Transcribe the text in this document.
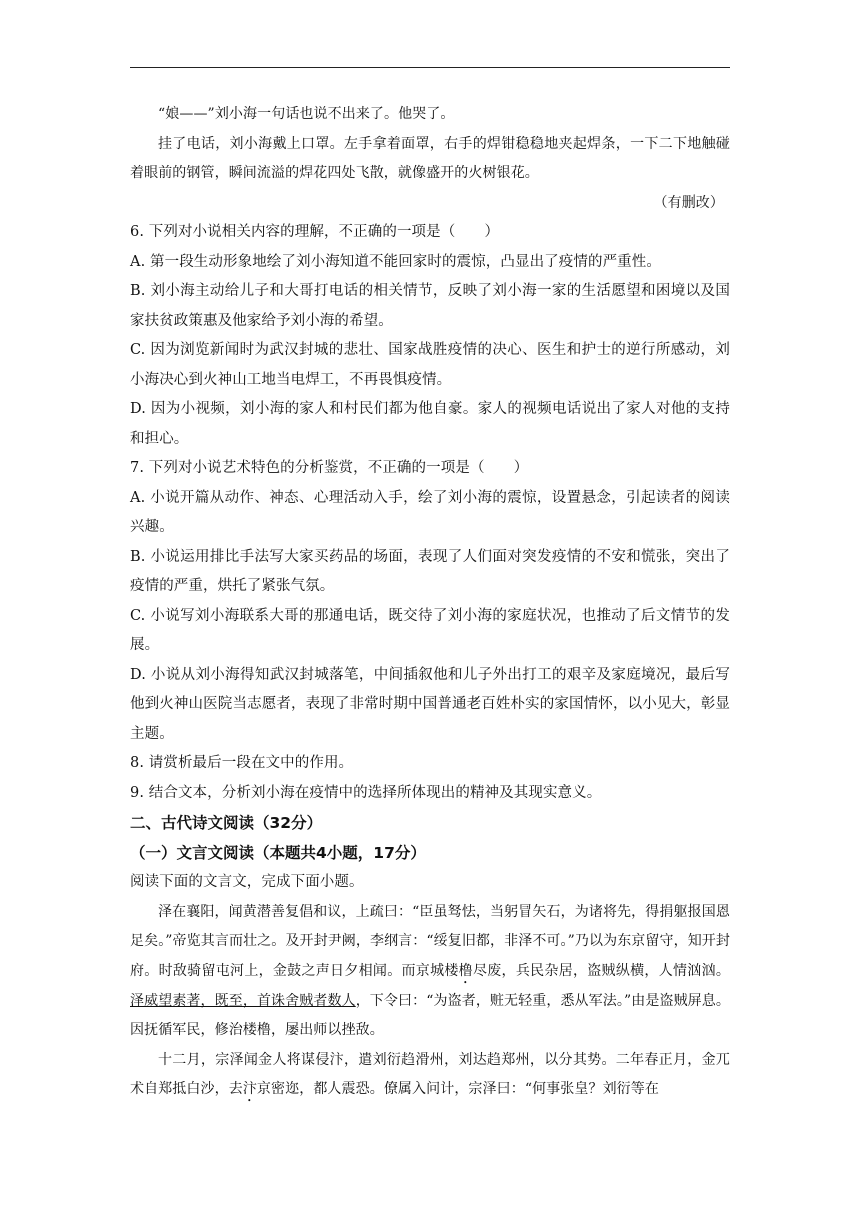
“娘——”刘小海一句话也说不出来了。他哭了。

挂了电话，刘小海戴上口罩。左手拿着面罩，右手的焊钳稳稳地夹起焊条，一下二下地触碰着眼前的钢管，瞬间流溢的焊花四处飞散，就像盛开的火树银花。

（有删改）

6. 下列对小说相关内容的理解，不正确的一项是（　　）

A. 第一段生动形象地绘了刘小海知道不能回家时的震惊，凸显出了疫情的严重性。

B. 刘小海主动给儿子和大哥打电话的相关情节，反映了刘小海一家的生活愿望和困境以及国家扶贫政策惠及他家给予刘小海的希望。

C. 因为浏览新闻时为武汉封城的悲壮、国家战胜疫情的决心、医生和护士的逆行所感动，刘小海决心到火神山工地当电焊工，不再畏惧疫情。

D. 因为小视频，刘小海的家人和村民们都为他自豪。家人的视频电话说出了家人对他的支持和担心。

7. 下列对小说艺术特色的分析鉴赏，不正确的一项是（　　）

A. 小说开篇从动作、神态、心理活动入手，绘了刘小海的震惊，设置悬念，引起读者的阅读兴趣。

B. 小说运用排比手法写大家买药品的场面，表现了人们面对突发疫情的不安和慌张，突出了疫情的严重，烘托了紧张气氛。

C. 小说写刘小海联系大哥的那通电话，既交待了刘小海的家庭状况，也推动了后文情节的发展。

D. 小说从刘小海得知武汉封城落笔，中间插叙他和儿子外出打工的艰辛及家庭境况，最后写他到火神山医院当志愿者，表现了非常时期中国普通老百姓朴实的家国情怀，以小见大，彰显主题。

8. 请赏析最后一段在文中的作用。

9. 结合文本，分析刘小海在疫情中的选择所体现出的精神及其现实意义。

二、古代诗文阅读（32分）

（一）文言文阅读（本题共4小题，17分）

阅读下面的文言文，完成下面小题。

泽在襄阳，闻黄潜善复倡和议，上疏曰：“臣虽驽怯，当躬冒矢石，为诸将先，得捐躯报国恩足矣。”帝览其言而壮之。及开封尹阙，李纲言：“绥复旧都，非泽不可。”乃以为东京留守，知开封府。时敌骑留屯河上，金鼓之声日夕相闻。而京城楼橹尽废，兵民杂居，盗贼纵横，人情汹汹。泽威望素著，既至，首诛舍贼者数人，下令曰：“为盗者，赃无轻重，悉从军法。”由是盗贼屏息。因抚循军民，修治楼橹，屡出师以挫敌。

十二月，宗泽闻金人将谋侵汴，遣刘衍趋滑州，刘达趋郑州，以分其势。二年春正月，金兀术自郑抵白沙，去汴京密迩，都人震恐。僚属入问计，宗泽曰：“何事张皇？刘衍等在
